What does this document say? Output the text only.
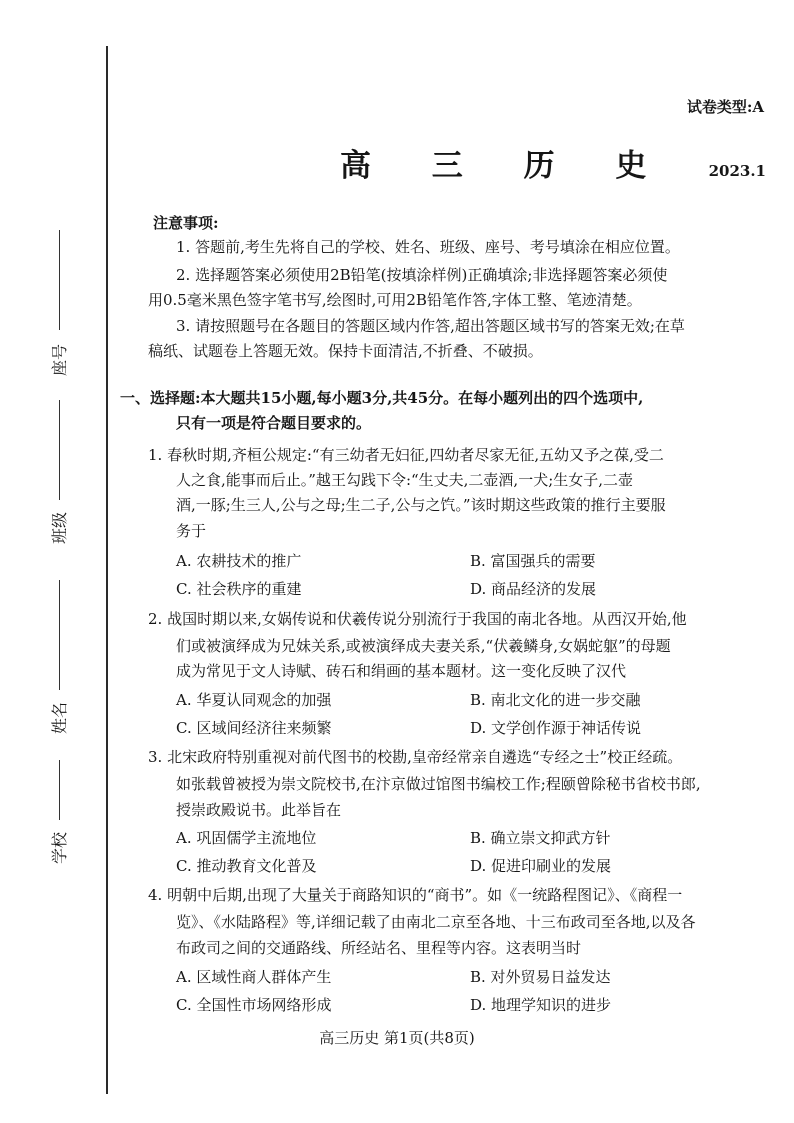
座号
班级
姓名
学校
试卷类型:A
高 三 历 史 2023.1
注意事项:
1. 答题前,考生先将自己的学校、姓名、班级、座号、考号填涂在相应位置。
2. 选择题答案必须使用2B铅笔(按填涂样例)正确填涂;非选择题答案必须使
用0.5毫米黑色签字笔书写,绘图时,可用2B铅笔作答,字体工整、笔迹清楚。
3. 请按照题号在各题目的答题区域内作答,超出答题区域书写的答案无效;在草
稿纸、试题卷上答题无效。保持卡面清洁,不折叠、不破损。
一、选择题:本大题共15小题,每小题3分,共45分。在每小题列出的四个选项中,
只有一项是符合题目要求的。
1. 春秋时期,齐桓公规定:“有三幼者无妇征,四幼者尽家无征,五幼又予之葆,受二
人之食,能事而后止。”越王勾践下令:“生丈夫,二壶酒,一犬;生女子,二壶
酒,一豚;生三人,公与之母;生二子,公与之饩。”该时期这些政策的推行主要服
务于
A. 农耕技术的推广	B. 富国强兵的需要
C. 社会秩序的重建	D. 商品经济的发展
2. 战国时期以来,女娲传说和伏羲传说分别流行于我国的南北各地。从西汉开始,他
们或被演绎成为兄妹关系,或被演绎成夫妻关系,“伏羲鳞身,女娲蛇躯”的母题
成为常见于文人诗赋、砖石和绢画的基本题材。这一变化反映了汉代
A. 华夏认同观念的加强	B. 南北文化的进一步交融
C. 区域间经济往来频繁	D. 文学创作源于神话传说
3. 北宋政府特别重视对前代图书的校勘,皇帝经常亲自遴选“专经之士”校正经疏。
如张载曾被授为崇文院校书,在汴京做过馆图书编校工作;程颐曾除秘书省校书郎,
授崇政殿说书。此举旨在
A. 巩固儒学主流地位	B. 确立崇文抑武方针
C. 推动教育文化普及	D. 促进印刷业的发展
4. 明朝中后期,出现了大量关于商路知识的“商书”。如《一统路程图记》、《商程一
览》、《水陆路程》等,详细记载了由南北二京至各地、十三布政司至各地,以及各
布政司之间的交通路线、所经站名、里程等内容。这表明当时
A. 区域性商人群体产生	B. 对外贸易日益发达
C. 全国性市场网络形成	D. 地理学知识的进步
高三历史 第1页(共8页)
